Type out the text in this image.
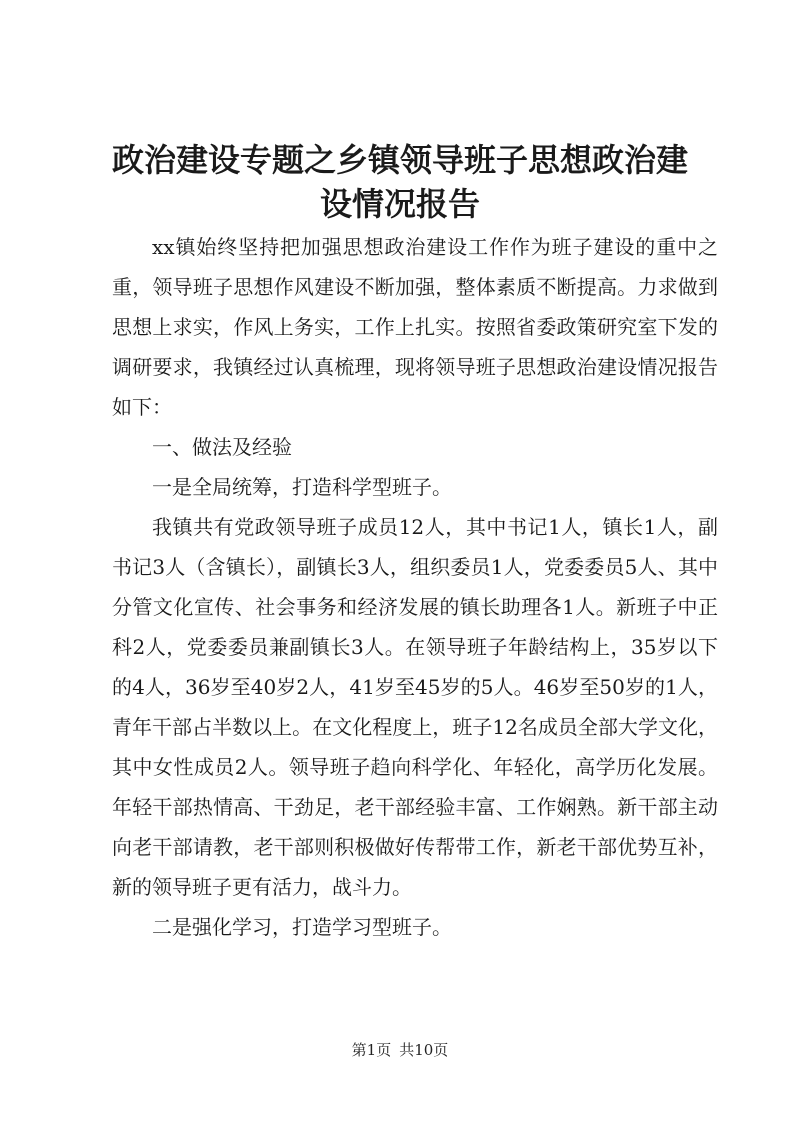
政治建设专题之乡镇领导班子思想政治建设情况报告

xx镇始终坚持把加强思想政治建设工作作为班子建设的重中之重，领导班子思想作风建设不断加强，整体素质不断提高。力求做到思想上求实，作风上务实，工作上扎实。按照省委政策研究室下发的调研要求，我镇经过认真梳理，现将领导班子思想政治建设情况报告如下：

一、做法及经验

一是全局统筹，打造科学型班子。

我镇共有党政领导班子成员12人，其中书记1人，镇长1人，副书记3人（含镇长），副镇长3人，组织委员1人，党委委员5人、其中分管文化宣传、社会事务和经济发展的镇长助理各1人。新班子中正科2人，党委委员兼副镇长3人。在领导班子年龄结构上，35岁以下的4人，36岁至40岁2人，41岁至45岁的5人。46岁至50岁的1人，青年干部占半数以上。在文化程度上，班子12名成员全部大学文化，其中女性成员2人。领导班子趋向科学化、年轻化，高学历化发展。年轻干部热情高、干劲足，老干部经验丰富、工作娴熟。新干部主动向老干部请教，老干部则积极做好传帮带工作，新老干部优势互补，新的领导班子更有活力，战斗力。

二是强化学习，打造学习型班子。

第1页 共10页
